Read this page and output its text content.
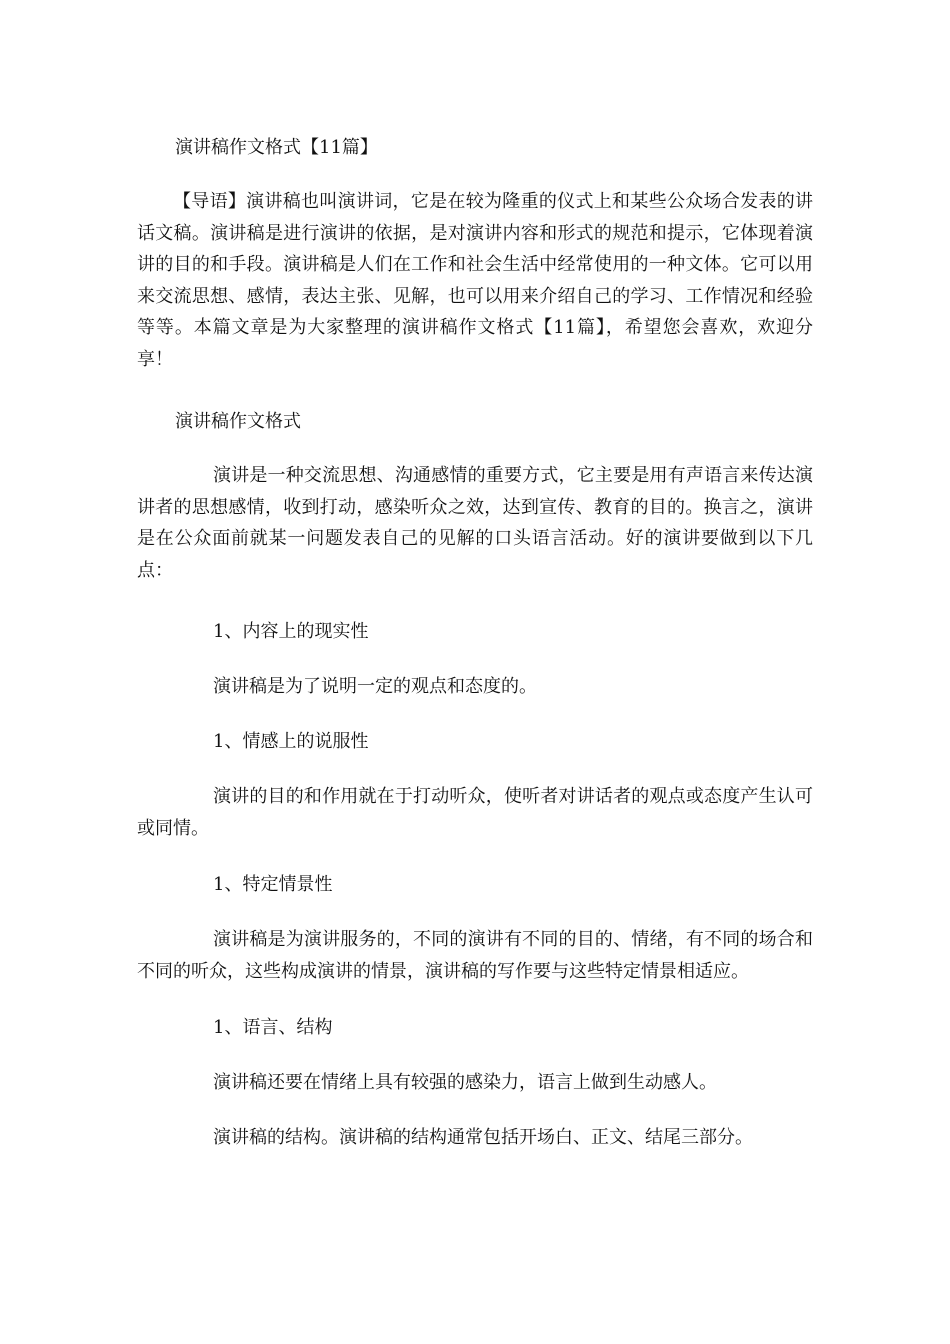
演讲稿作文格式【11篇】

【导语】演讲稿也叫演讲词，它是在较为隆重的仪式上和某些公众场合发表的讲话文稿。演讲稿是进行演讲的依据，是对演讲内容和形式的规范和提示，它体现着演讲的目的和手段。演讲稿是人们在工作和社会生活中经常使用的一种文体。它可以用来交流思想、感情，表达主张、见解，也可以用来介绍自己的学习、工作情况和经验等等。本篇文章是为大家整理的演讲稿作文格式【11篇】，希望您会喜欢，欢迎分享！

演讲稿作文格式

演讲是一种交流思想、沟通感情的重要方式，它主要是用有声语言来传达演讲者的思想感情，收到打动，感染听众之效，达到宣传、教育的目的。换言之，演讲是在公众面前就某一问题发表自己的见解的口头语言活动。好的演讲要做到以下几点：

1、内容上的现实性
演讲稿是为了说明一定的观点和态度的。
1、情感上的说服性

演讲的目的和作用就在于打动听众，使听者对讲话者的观点或态度产生认可或同情。

1、特定情景性

演讲稿是为演讲服务的，不同的演讲有不同的目的、情绪，有不同的场合和不同的听众，这些构成演讲的情景，演讲稿的写作要与这些特定情景相适应。

1、语言、结构
演讲稿还要在情绪上具有较强的感染力，语言上做到生动感人。
演讲稿的结构。演讲稿的结构通常包括开场白、正文、结尾三部分。
